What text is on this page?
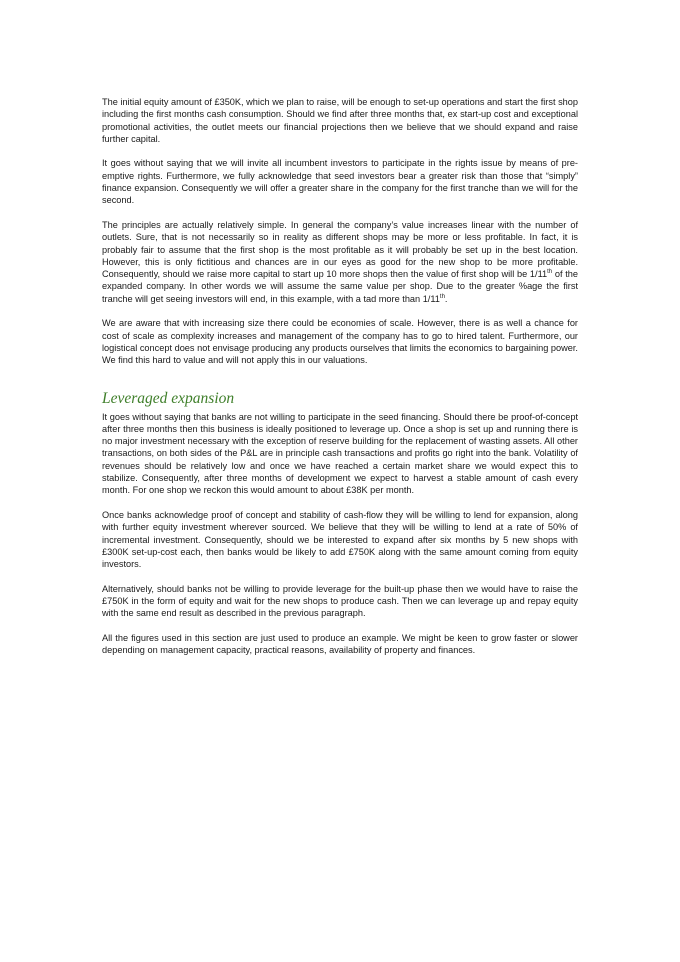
The initial equity amount of £350K, which we plan to raise, will be enough to set-up operations and start the first shop including the first months cash consumption. Should we find after three months that, ex start-up cost and exceptional promotional activities, the outlet meets our financial projections then we believe that we should expand and raise further capital.

It goes without saying that we will invite all incumbent investors to participate in the rights issue by means of pre-emptive rights. Furthermore, we fully acknowledge that seed investors bear a greater risk than those that “simply” finance expansion. Consequently we will offer a greater share in the company for the first tranche than we will for the second.

The principles are actually relatively simple. In general the company’s value increases linear with the number of outlets. Sure, that is not necessarily so in reality as different shops may be more or less profitable. In fact, it is probably fair to assume that the first shop is the most profitable as it will probably be set up in the best location. However, this is only fictitious and chances are in our eyes as good for the new shop to be more profitable. Consequently, should we raise more capital to start up 10 more shops then the value of first shop will be 1/11th of the expanded company. In other words we will assume the same value per shop. Due to the greater %age the first tranche will get seeing investors will end, in this example, with a tad more than 1/11th.

We are aware that with increasing size there could be economies of scale. However, there is as well a chance for cost of scale as complexity increases and management of the company has to go to hired talent. Furthermore, our logistical concept does not envisage producing any products ourselves that limits the economics to bargaining power. We find this hard to value and will not apply this in our valuations.

Leveraged expansion

It goes without saying that banks are not willing to participate in the seed financing. Should there be proof-of-concept after three months then this business is ideally positioned to leverage up. Once a shop is set up and running there is no major investment necessary with the exception of reserve building for the replacement of wasting assets. All other transactions, on both sides of the P&L are in principle cash transactions and profits go right into the bank. Volatility of revenues should be relatively low and once we have reached a certain market share we would expect this to stabilize. Consequently, after three months of development we expect to harvest a stable amount of cash every month. For one shop we reckon this would amount to about £38K per month.

Once banks acknowledge proof of concept and stability of cash-flow they will be willing to lend for expansion, along with further equity investment wherever sourced. We believe that they will be willing to lend at a rate of 50% of incremental investment. Consequently, should we be interested to expand after six months by 5 new shops with £300K set-up-cost each, then banks would be likely to add £750K along with the same amount coming from equity investors.

Alternatively, should banks not be willing to provide leverage for the built-up phase then we would have to raise the £750K in the form of equity and wait for the new shops to produce cash. Then we can leverage up and repay equity with the same end result as described in the previous paragraph.

All the figures used in this section are just used to produce an example. We might be keen to grow faster or slower depending on management capacity, practical reasons, availability of property and finances.
